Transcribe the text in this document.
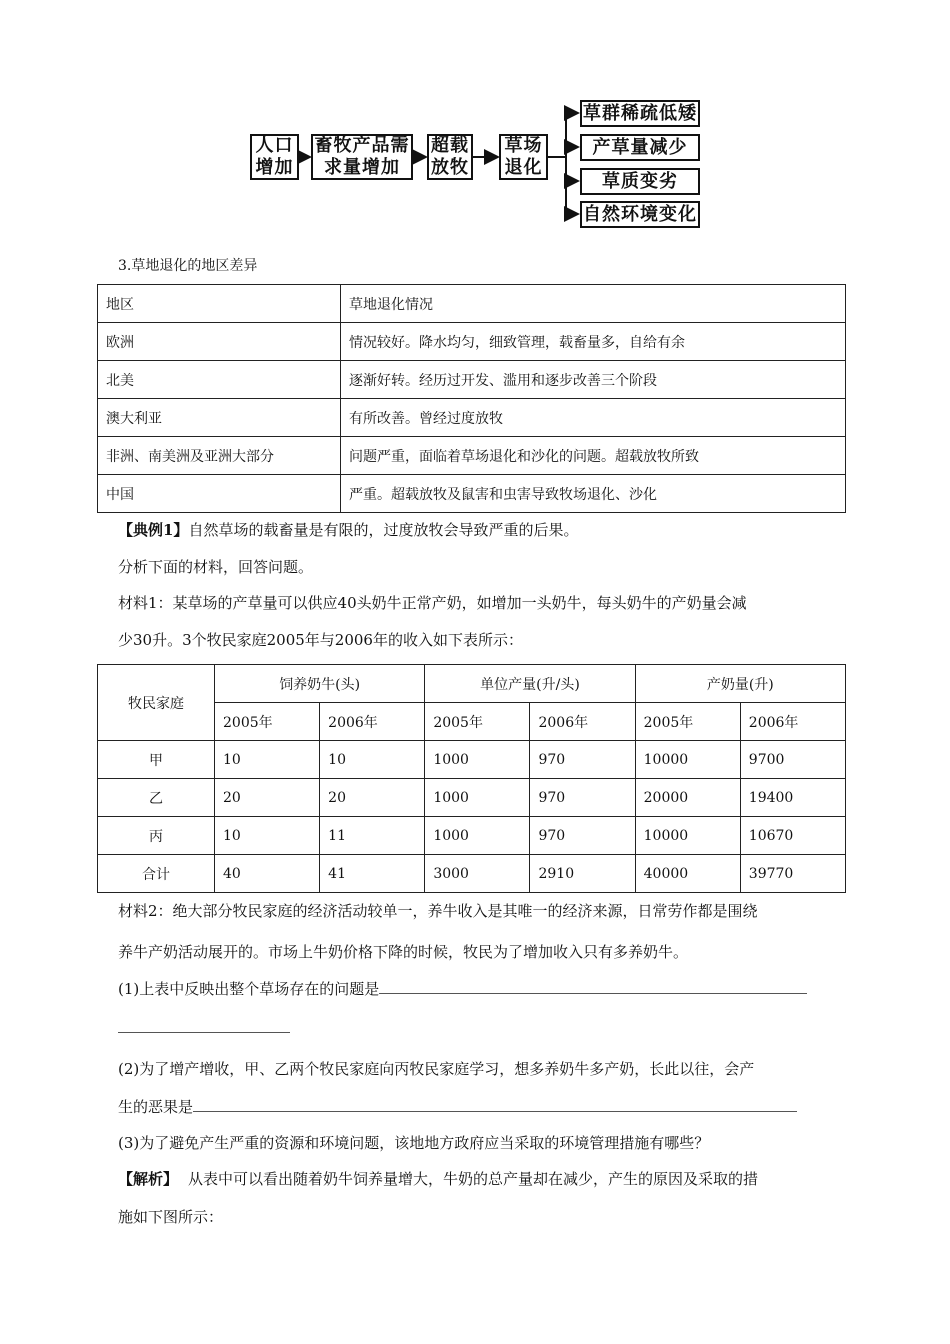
人口增加
畜牧产品需求量增加
超载放牧
草场退化
草群稀疏低矮
产草量减少
草质变劣
自然环境变化
3.草地退化的地区差异
地区	草地退化情况
欧洲	情况较好。降水均匀，细致管理，载畜量多，自给有余
北美	逐渐好转。经历过开发、滥用和逐步改善三个阶段
澳大利亚	有所改善。曾经过度放牧
非洲、南美洲及亚洲大部分	问题严重，面临着草场退化和沙化的问题。超载放牧所致
中国	严重。超载放牧及鼠害和虫害导致牧场退化、沙化
【典例1】自然草场的载畜量是有限的，过度放牧会导致严重的后果。
分析下面的材料，回答问题。
材料1：某草场的产草量可以供应40头奶牛正常产奶，如增加一头奶牛，每头奶牛的产奶量会减
少30升。3个牧民家庭2005年与2006年的收入如下表所示：
牧民家庭	饲养奶牛(头)		单位产量(升/头)		产奶量(升)	
	2005年	2006年	2005年	2006年	2005年	2006年
甲	10	10	1000	970	10000	9700
乙	20	20	1000	970	20000	19400
丙	10	11	1000	970	10000	10670
合计	40	41	3000	2910	40000	39770
材料2：绝大部分牧民家庭的经济活动较单一，养牛收入是其唯一的经济来源，日常劳作都是围绕
养牛产奶活动展开的。市场上牛奶价格下降的时候，牧民为了增加收入只有多养奶牛。
(1)上表中反映出整个草场存在的问题是
(2)为了增产增收，甲、乙两个牧民家庭向丙牧民家庭学习，想多养奶牛多产奶，长此以往，会产
生的恶果是
(3)为了避免产生严重的资源和环境问题，该地地方政府应当采取的环境管理措施有哪些？
【解析】 从表中可以看出随着奶牛饲养量增大，牛奶的总产量却在减少，产生的原因及采取的措
施如下图所示：
